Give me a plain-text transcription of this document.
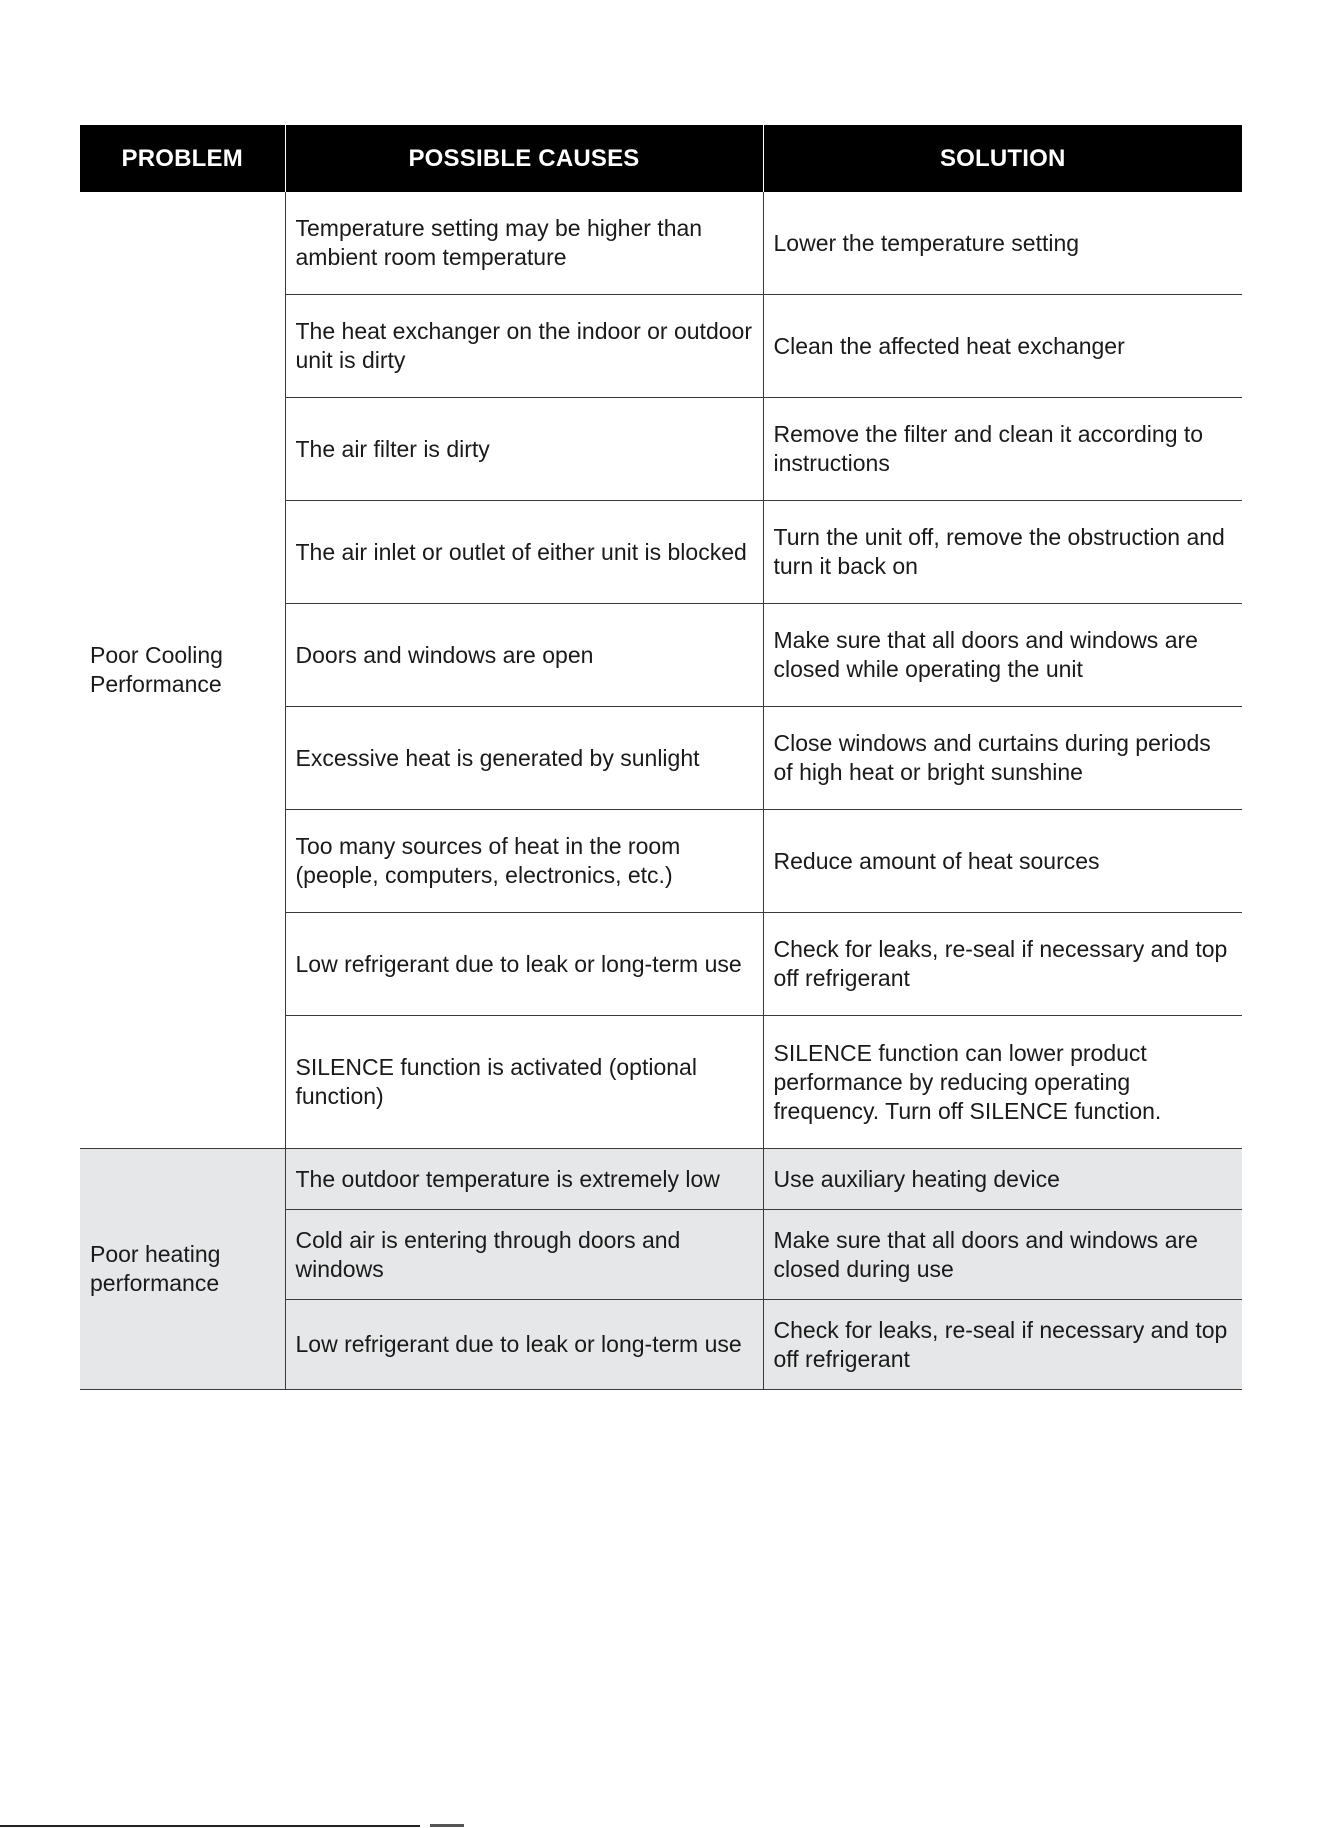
PROBLEM	POSSIBLE CAUSES	SOLUTION
Poor Cooling Performance	Temperature setting may be higher than ambient room temperature	Lower the temperature setting
	The heat exchanger on the indoor or outdoor unit is dirty	Clean the affected heat exchanger
	The air filter is dirty	Remove the filter and clean it according to instructions
	The air inlet or outlet of either unit is blocked	Turn the unit off, remove the obstruction and turn it back on
	Doors and windows are open	Make sure that all doors and windows are closed while operating the unit
	Excessive heat is generated by sunlight	Close windows and curtains during periods of high heat or bright sunshine
	Too many sources of heat in the room (people, computers, electronics, etc.)	Reduce amount of heat sources
	Low refrigerant due to leak or long-term use	Check for leaks, re-seal if necessary and top off refrigerant
	SILENCE function is activated (optional function)	SILENCE function can lower product performance by reducing operating frequency. Turn off SILENCE function.
Poor heating performance	The outdoor temperature is extremely low	Use auxiliary heating device
	Cold air is entering through doors and windows	Make sure that all doors and windows are closed during use
	Low refrigerant due to leak or long-term use	Check for leaks, re-seal if necessary and top off refrigerant
